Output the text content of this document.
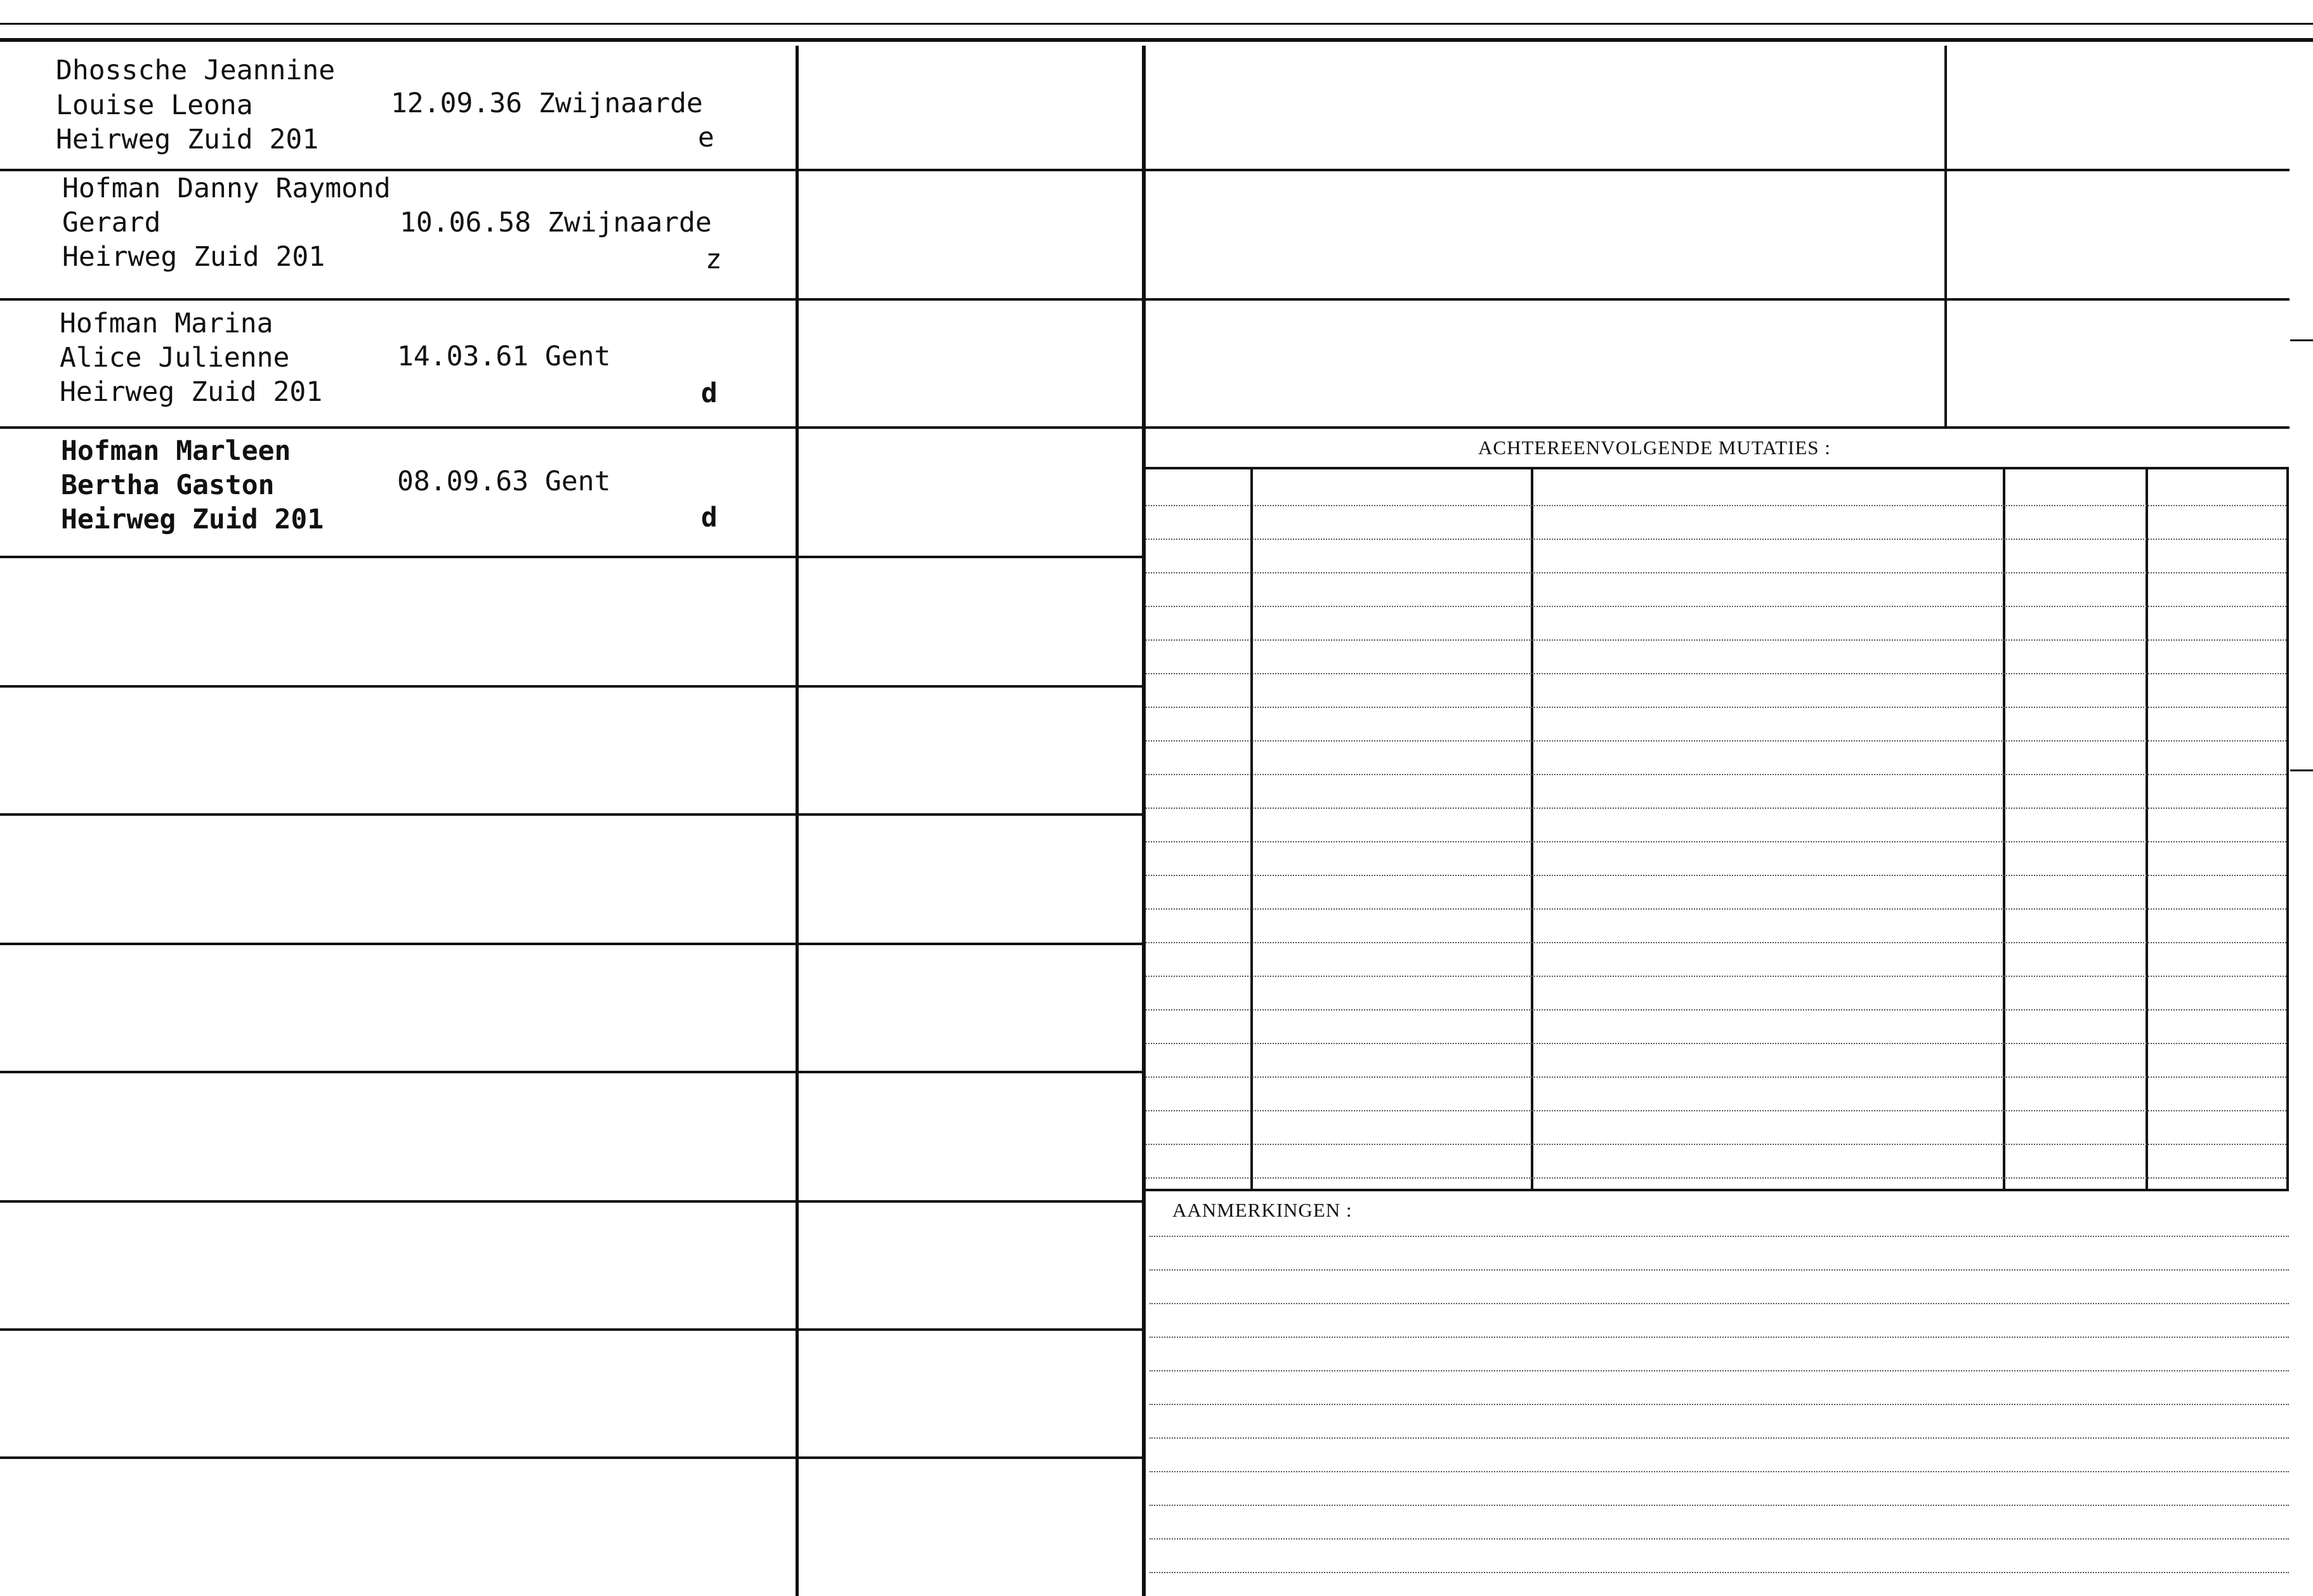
Dhossche Jeannine
Louise Leona
Heirweg Zuid 201
12.09.36 Zwijnaarde
e
Hofman Danny Raymond
Gerard
Heirweg Zuid 201
10.06.58 Zwijnaarde
z
Hofman Marina
Alice Julienne
Heirweg Zuid 201
14.03.61 Gent
d
Hofman Marleen
Bertha Gaston
Heirweg Zuid 201
08.09.63 Gent
d
ACHTEREENVOLGENDE MUTATIES :
AANMERKINGEN :
